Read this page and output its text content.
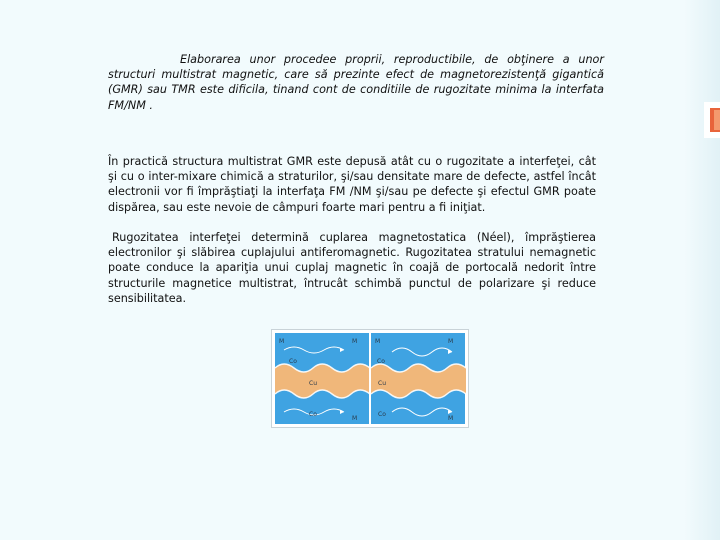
Elaborarea unor procedee proprii, reproductibile, de obţinere a unor structuri multistrat magnetic, care să prezinte efect de magnetorezistenţă gigantică (GMR) sau TMR este dificila, tinand cont de conditiile de rugozitate minima la interfata FM/NM .

În practică structura multistrat GMR este depusă atât cu o rugozitate a interfeţei, cât şi cu o inter-mixare chimică a straturilor, şi/sau densitate mare de defecte, astfel încât electronii vor fi împrăştiaţi la interfaţa FM /NM şi/sau pe defecte şi efectul GMR poate dispărea, sau este nevoie de câmpuri foarte mari pentru a fi iniţiat.

Rugozitatea interfeţei determină cuplarea magnetostatica (Néel), împrăştierea electronilor şi slăbirea cuplajului antiferomagnetic. Rugozitatea stratului nemagnetic poate conduce la apariţia unui cuplaj magnetic în coajă de portocală nedorit între structurile magnetice multistrat, întrucât schimbă punctul de polarizare şi reduce sensibilitatea.

M	M
Co
Cu
Co
M
M	M
Co
Cu
Co
M
